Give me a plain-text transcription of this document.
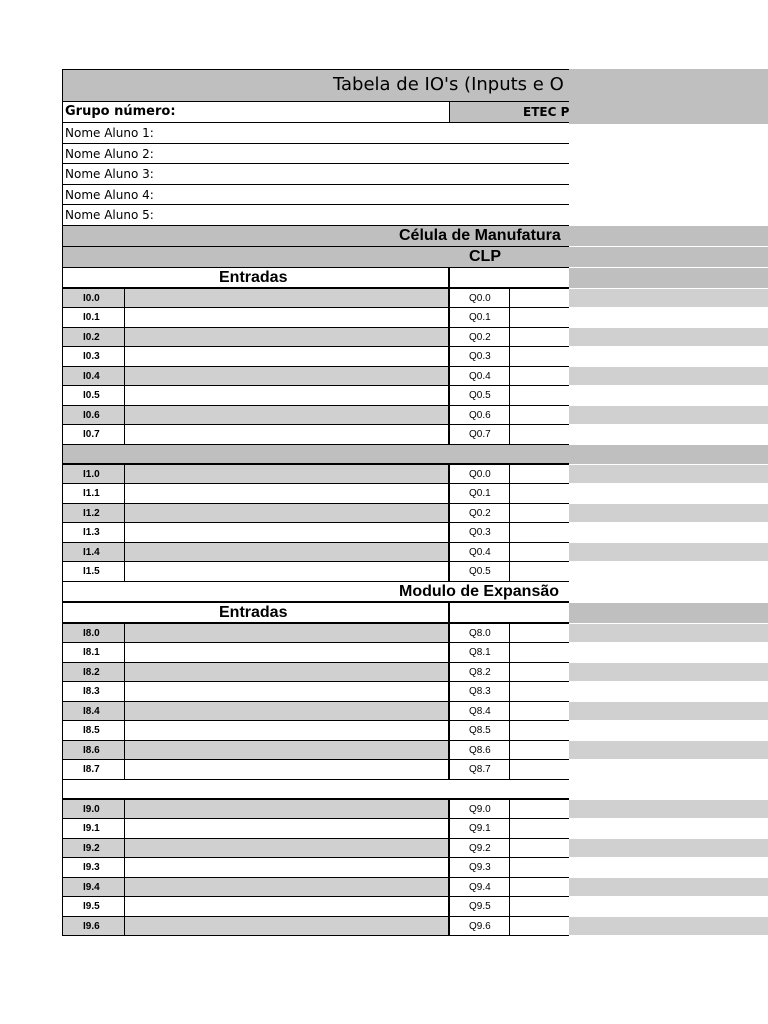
Tabela de IO's (Inputs e O
Grupo número:	ETEC P
Nome Aluno 1:
Nome Aluno 2:
Nome Aluno 3:
Nome Aluno 4:
Nome Aluno 5:
Célula de Manufatura
CLP
Entradas
I0.0	Q0.0
I0.1	Q0.1
I0.2	Q0.2
I0.3	Q0.3
I0.4	Q0.4
I0.5	Q0.5
I0.6	Q0.6
I0.7	Q0.7
I1.0	Q0.0
I1.1	Q0.1
I1.2	Q0.2
I1.3	Q0.3
I1.4	Q0.4
I1.5	Q0.5
Modulo de Expansão
Entradas
I8.0	Q8.0
I8.1	Q8.1
I8.2	Q8.2
I8.3	Q8.3
I8.4	Q8.4
I8.5	Q8.5
I8.6	Q8.6
I8.7	Q8.7
I9.0	Q9.0
I9.1	Q9.1
I9.2	Q9.2
I9.3	Q9.3
I9.4	Q9.4
I9.5	Q9.5
I9.6	Q9.6
